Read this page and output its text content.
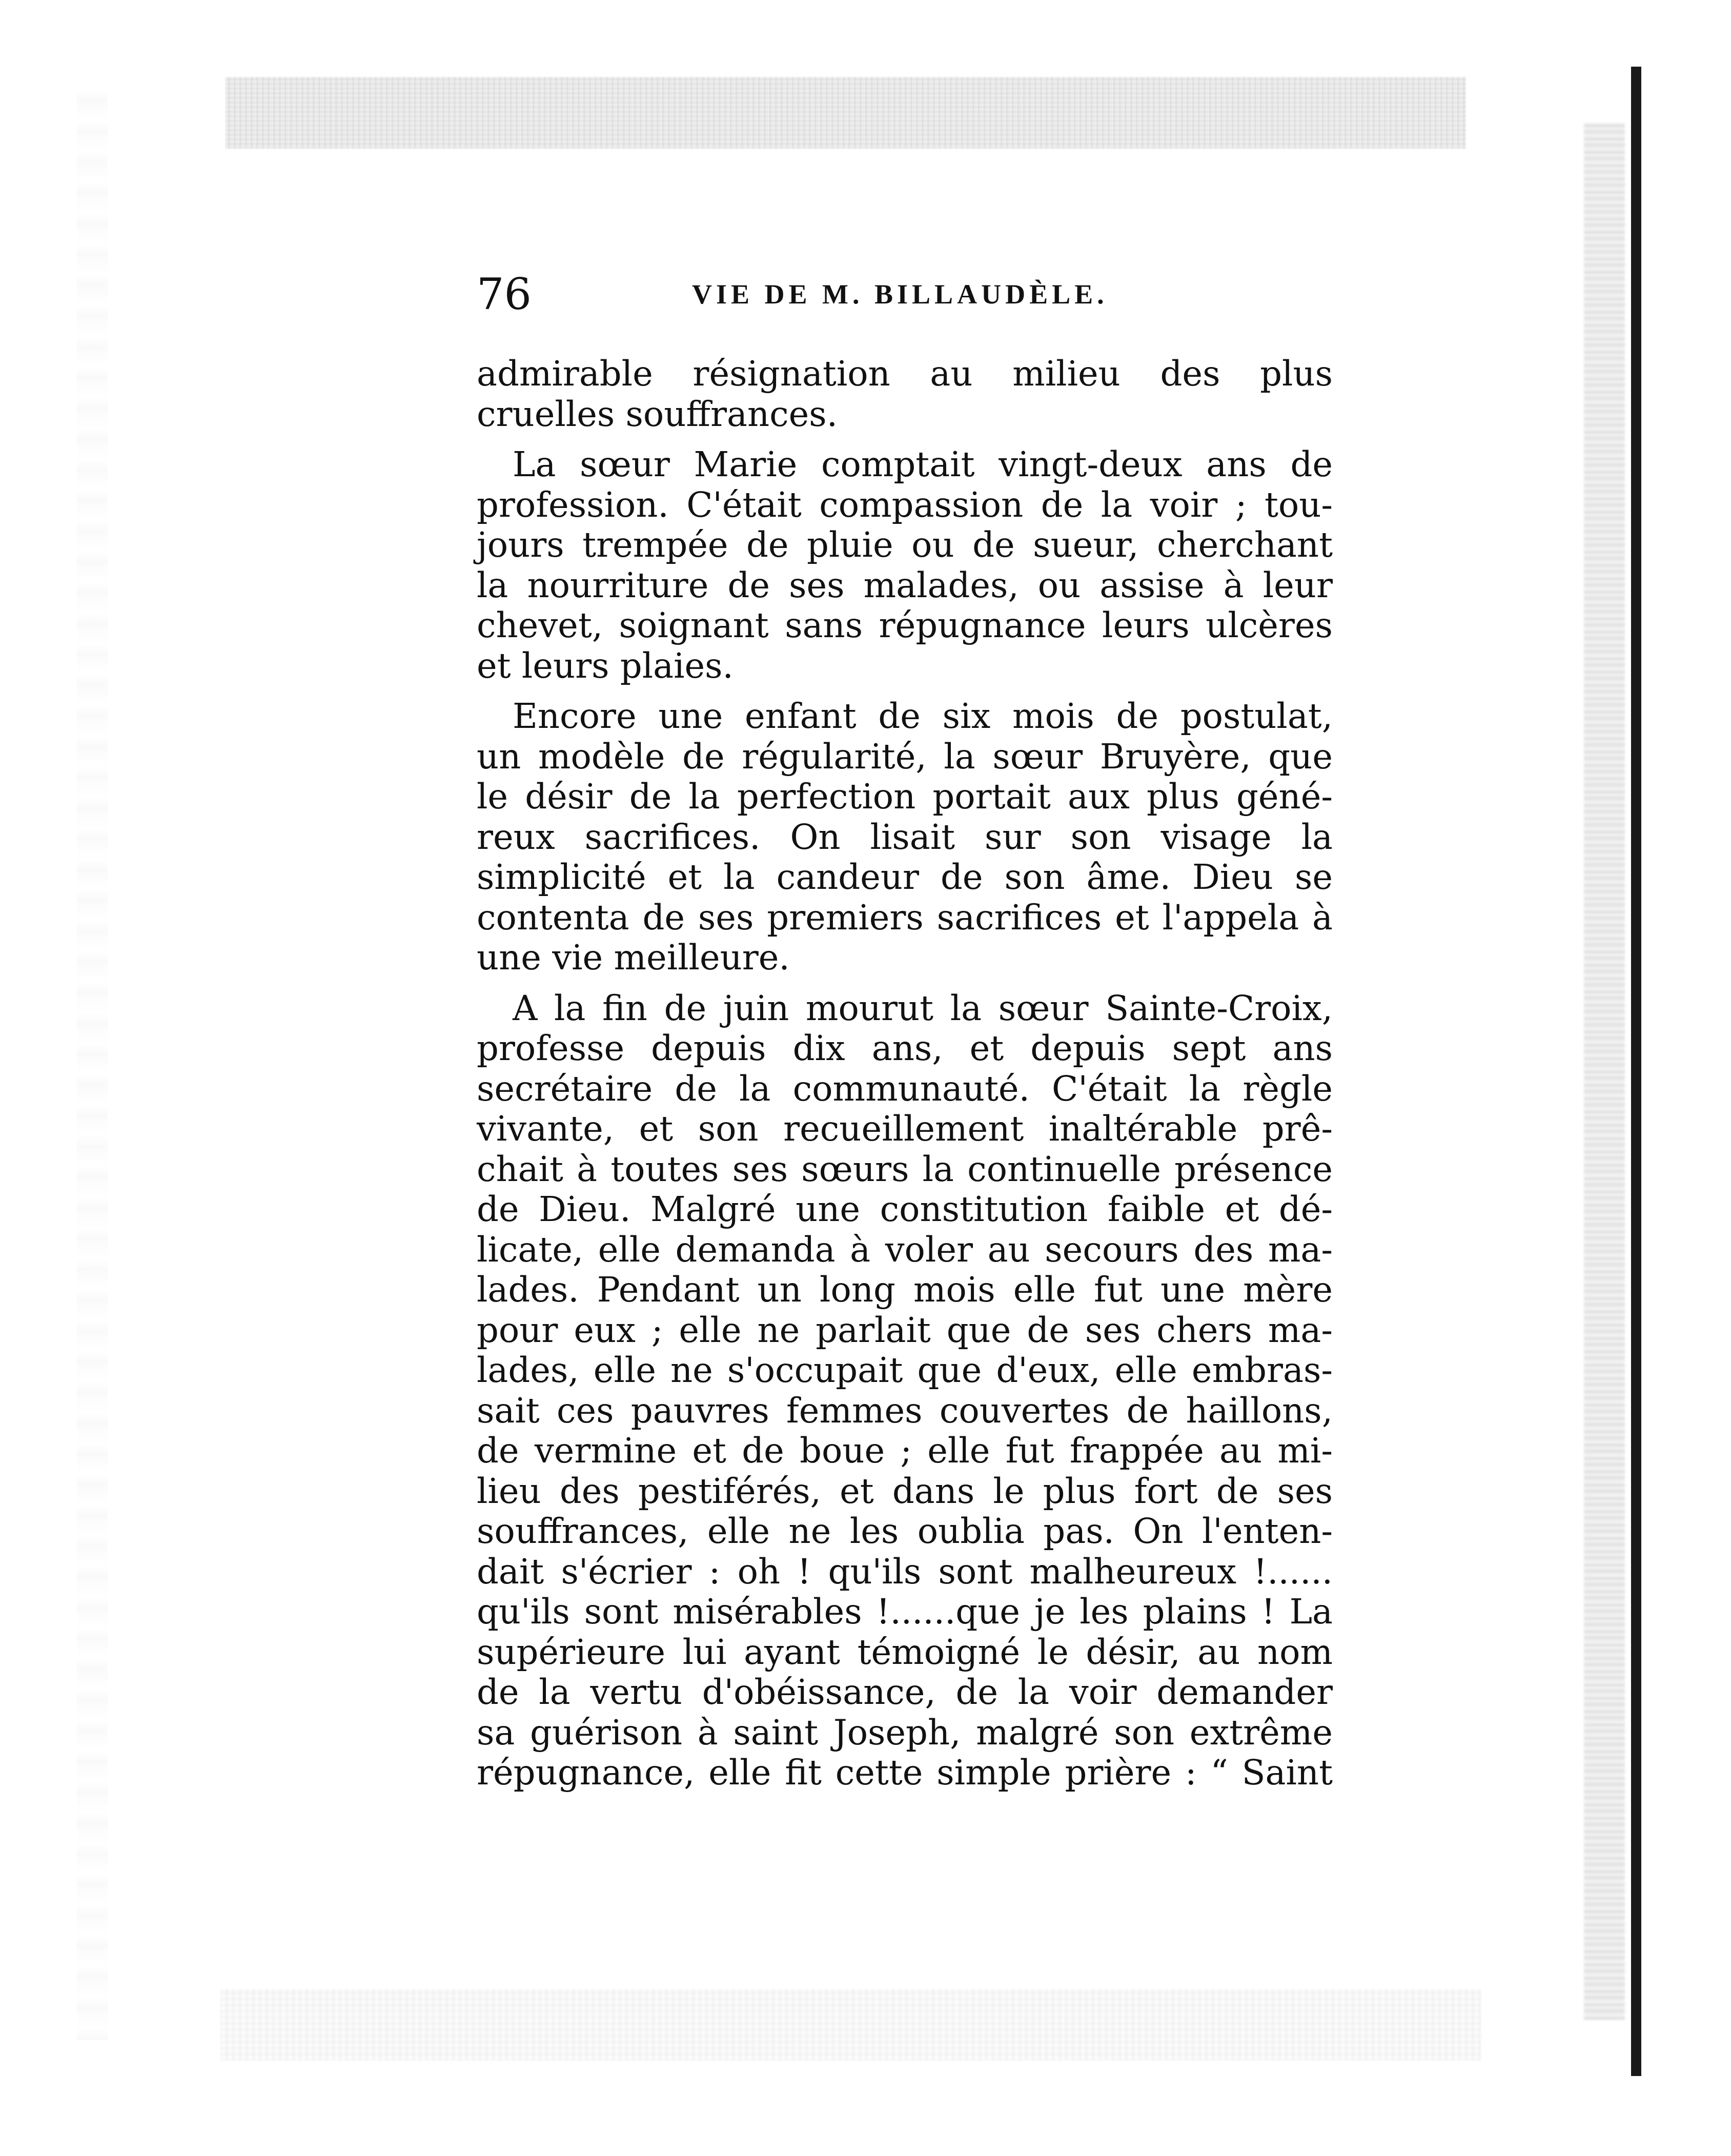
76	VIE DE M. BILLAUDÈLE.
admirable résignation au milieu des plus
cruelles souffrances.
La sœur Marie comptait vingt-deux ans de
profession. C'était compassion de la voir ; tou-
jours trempée de pluie ou de sueur, cherchant
la nourriture de ses malades, ou assise à leur
chevet, soignant sans répugnance leurs ulcères
et leurs plaies.
Encore une enfant de six mois de postulat,
un modèle de régularité, la sœur Bruyère, que
le désir de la perfection portait aux plus géné-
reux sacrifices. On lisait sur son visage la
simplicité et la candeur de son âme. Dieu se
contenta de ses premiers sacrifices et l'appela à
une vie meilleure.
A la fin de juin mourut la sœur Sainte-Croix,
professe depuis dix ans, et depuis sept ans
secrétaire de la communauté. C'était la règle
vivante, et son recueillement inaltérable prê-
chait à toutes ses sœurs la continuelle présence
de Dieu. Malgré une constitution faible et dé-
licate, elle demanda à voler au secours des ma-
lades. Pendant un long mois elle fut une mère
pour eux ; elle ne parlait que de ses chers ma-
lades, elle ne s'occupait que d'eux, elle embras-
sait ces pauvres femmes couvertes de haillons,
de vermine et de boue ; elle fut frappée au mi-
lieu des pestiférés, et dans le plus fort de ses
souffrances, elle ne les oublia pas. On l'enten-
dait s'écrier : oh ! qu'ils sont malheureux !......
qu'ils sont misérables !......que je les plains ! La
supérieure lui ayant témoigné le désir, au nom
de la vertu d'obéissance, de la voir demander
sa guérison à saint Joseph, malgré son extrême
répugnance, elle fit cette simple prière : “ Saint
